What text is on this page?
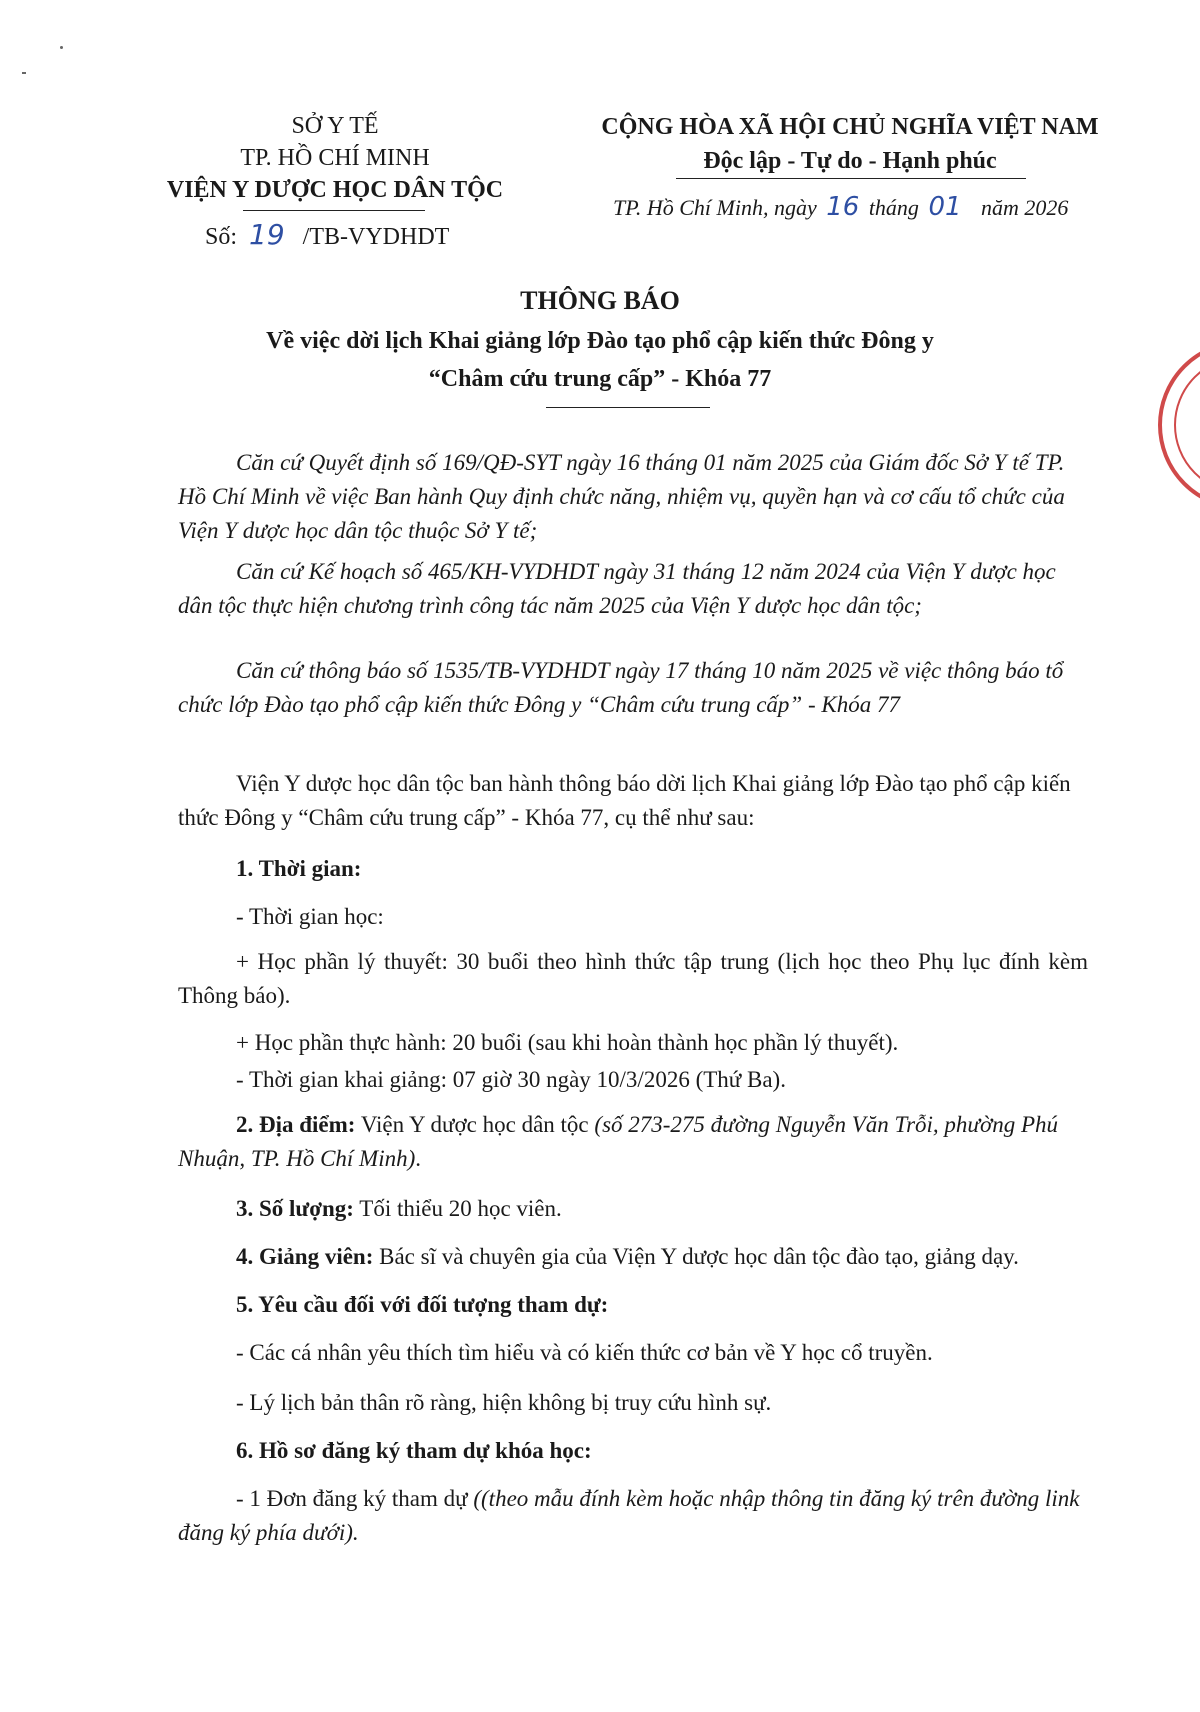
SỞ Y TẾ
TP. HỒ CHÍ MINH
VIỆN Y DƯỢC HỌC DÂN TỘC
Số: 19 /TB-VYDHDT
CỘNG HÒA XÃ HỘI CHỦ NGHĨA VIỆT NAM
Độc lập - Tự do - Hạnh phúc
TP. Hồ Chí Minh, ngày 16 tháng 01 năm 2026
THÔNG BÁO
Về việc dời lịch Khai giảng lớp Đào tạo phổ cập kiến thức Đông y
“Châm cứu trung cấp” - Khóa 77
Căn cứ Quyết định số 169/QĐ-SYT ngày 16 tháng 01 năm 2025 của Giám đốc Sở Y tế TP. Hồ Chí Minh về việc Ban hành Quy định chức năng, nhiệm vụ, quyền hạn và cơ cấu tổ chức của Viện Y dược học dân tộc thuộc Sở Y tế;
Căn cứ Kế hoạch số 465/KH-VYDHDT ngày 31 tháng 12 năm 2024 của Viện Y dược học dân tộc thực hiện chương trình công tác năm 2025 của Viện Y dược học dân tộc;
Căn cứ thông báo số 1535/TB-VYDHDT ngày 17 tháng 10 năm 2025 về việc thông báo tổ chức lớp Đào tạo phổ cập kiến thức Đông y “Châm cứu trung cấp” - Khóa 77
Viện Y dược học dân tộc ban hành thông báo dời lịch Khai giảng lớp Đào tạo phổ cập kiến thức Đông y “Châm cứu trung cấp” - Khóa 77, cụ thể như sau:
1. Thời gian:
- Thời gian học:
+ Học phần lý thuyết: 30 buổi theo hình thức tập trung (lịch học theo Phụ lục đính kèm Thông báo).
+ Học phần thực hành: 20 buổi (sau khi hoàn thành học phần lý thuyết).
- Thời gian khai giảng: 07 giờ 30 ngày 10/3/2026 (Thứ Ba).
2. Địa điểm: Viện Y dược học dân tộc (số 273-275 đường Nguyễn Văn Trỗi, phường Phú Nhuận, TP. Hồ Chí Minh).
3. Số lượng: Tối thiểu 20 học viên.
4. Giảng viên: Bác sĩ và chuyên gia của Viện Y dược học dân tộc đào tạo, giảng dạy.
5. Yêu cầu đối với đối tượng tham dự:
- Các cá nhân yêu thích tìm hiểu và có kiến thức cơ bản về Y học cổ truyền.
- Lý lịch bản thân rõ ràng, hiện không bị truy cứu hình sự.
6. Hồ sơ đăng ký tham dự khóa học:
- 1 Đơn đăng ký tham dự ((theo mẫu đính kèm hoặc nhập thông tin đăng ký trên đường link đăng ký phía dưới).
